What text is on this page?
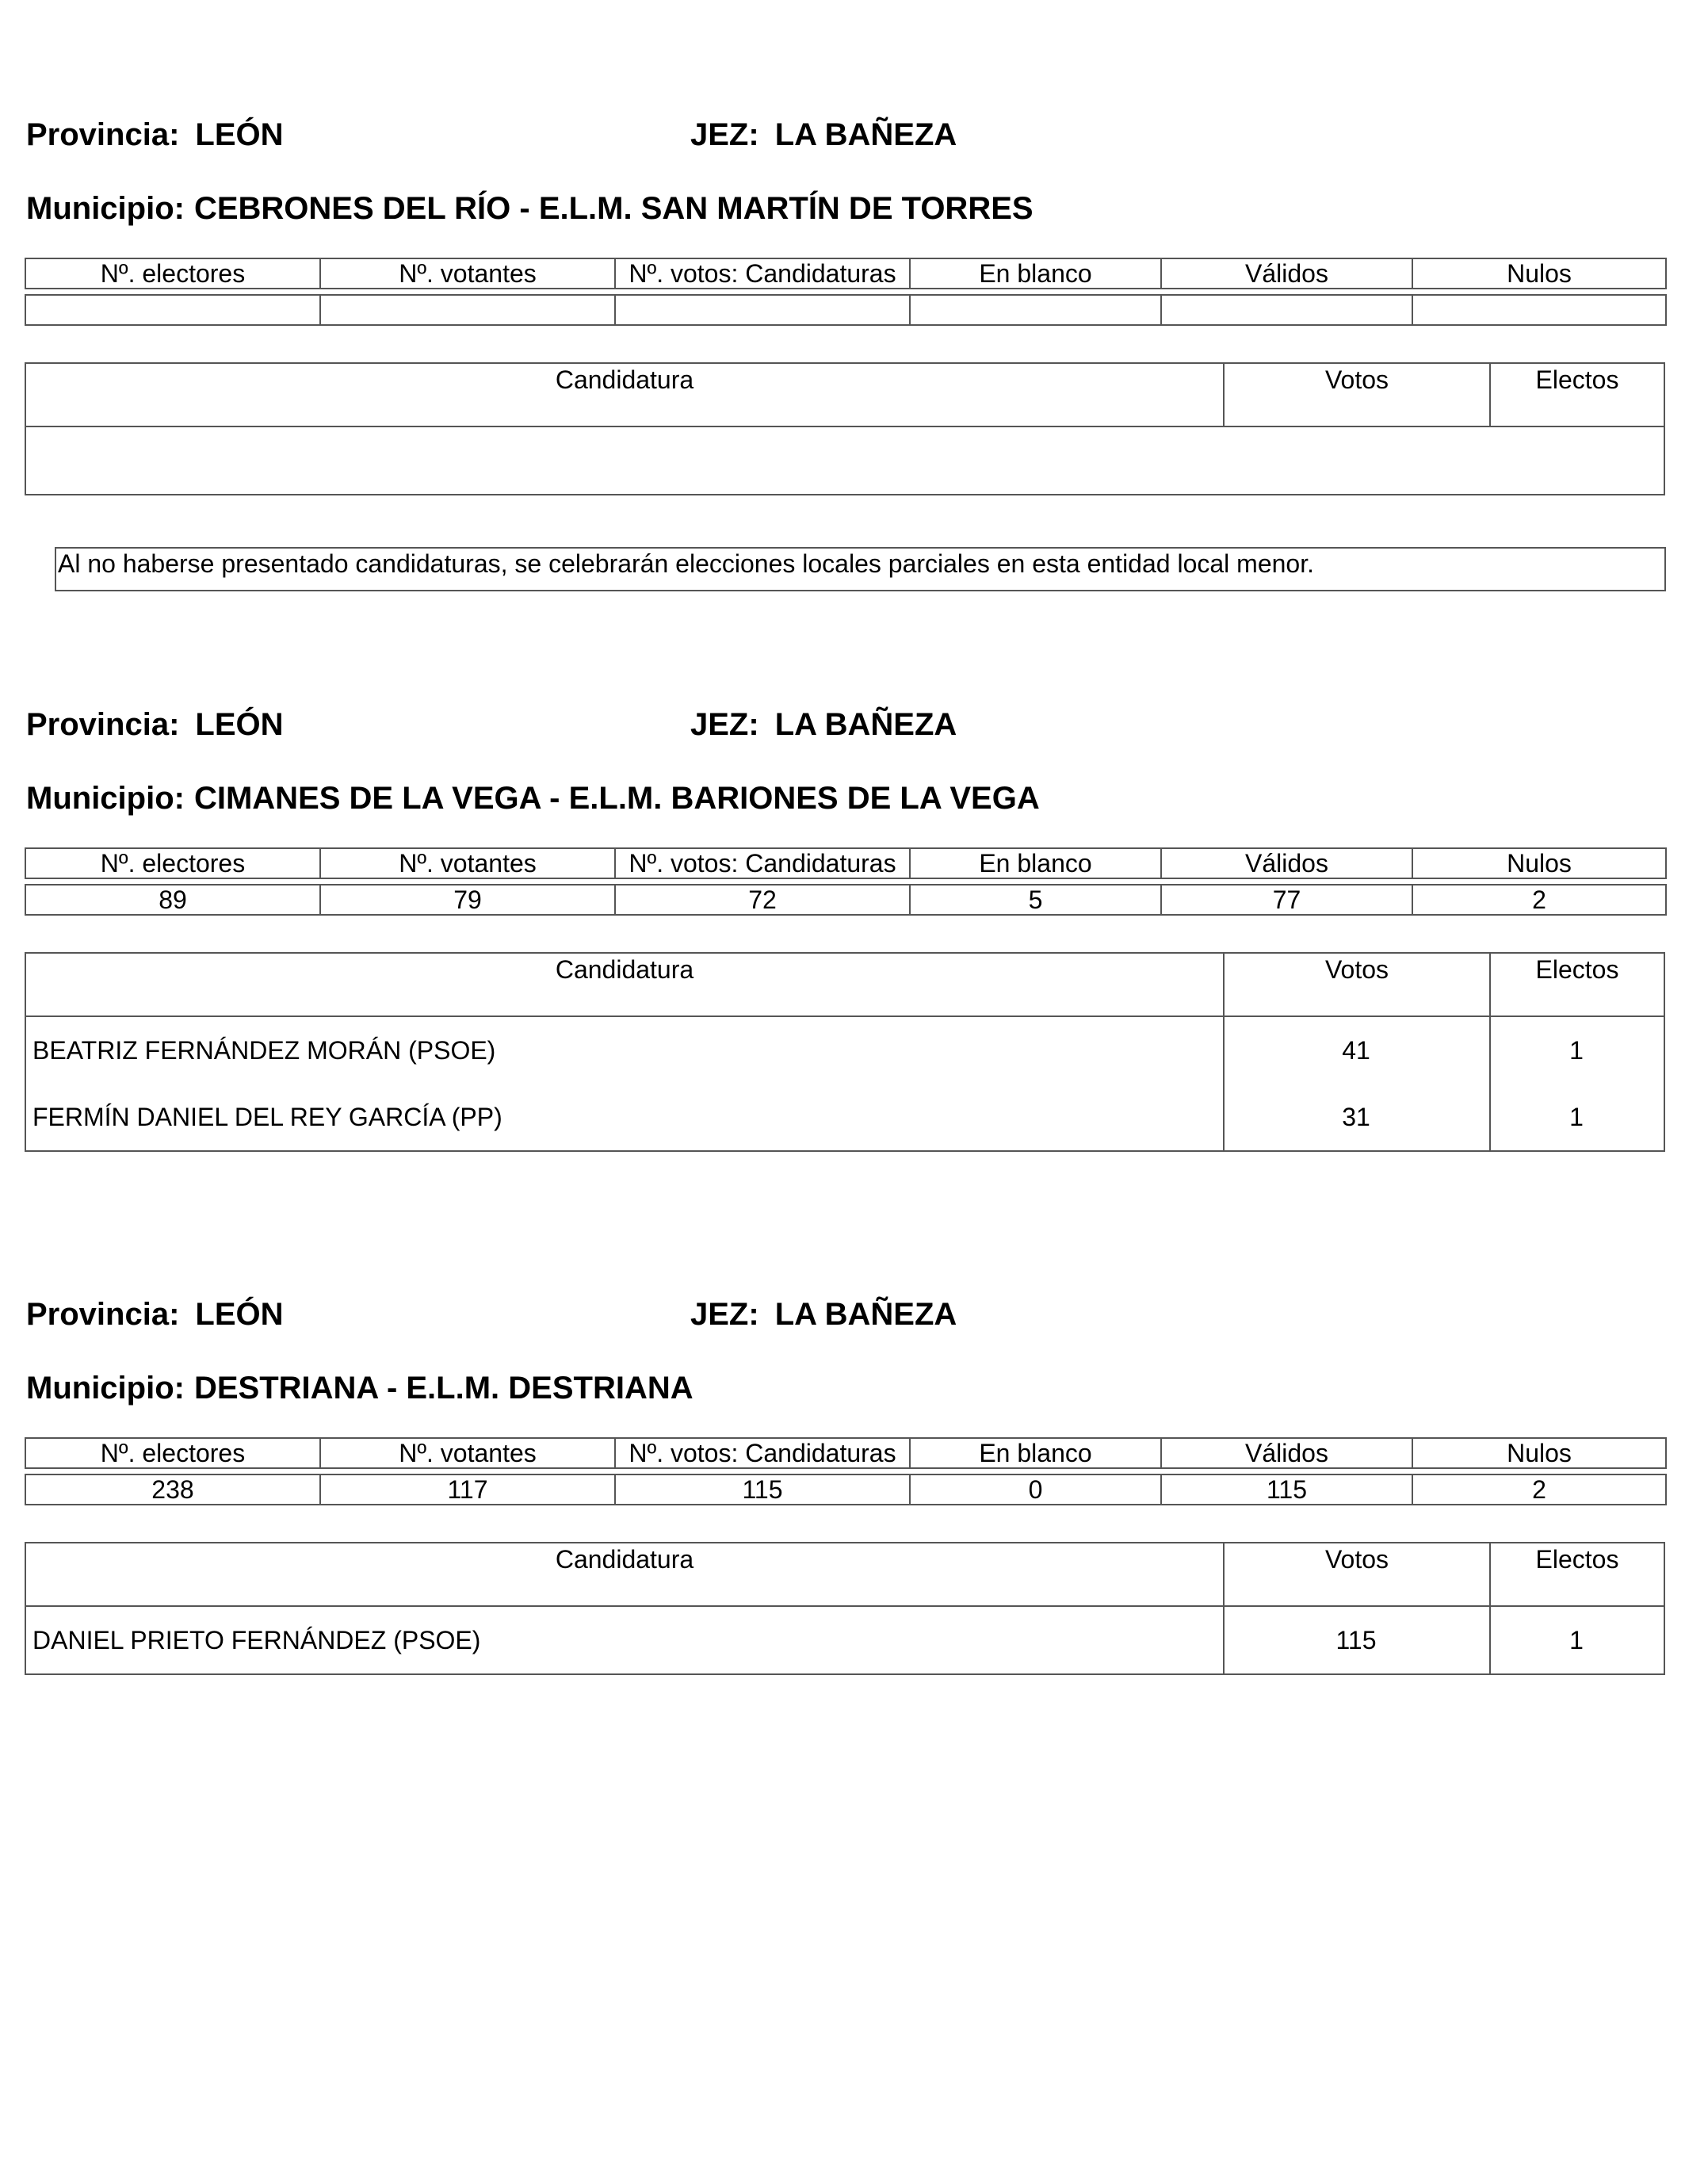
Provincia: LEÓN	JEZ: LA BAÑEZA
Municipio: CEBRONES DEL RÍO - E.L.M. SAN MARTÍN DE TORRES
Nº. electores	Nº. votantes	Nº. votos: Candidaturas	En blanco	Válidos	Nulos

Candidatura	Votos	Electos
Al no haberse presentado candidaturas, se celebrarán elecciones locales parciales en esta entidad local menor.
Provincia: LEÓN	JEZ: LA BAÑEZA
Municipio: CIMANES DE LA VEGA - E.L.M. BARIONES DE LA VEGA
Nº. electores	Nº. votantes	Nº. votos: Candidaturas	En blanco	Válidos	Nulos

89	79	72	5	77	2
Candidatura	Votos	Electos
BEATRIZ FERNÁNDEZ MORÁN (PSOE)	41	1
FERMÍN DANIEL DEL REY GARCÍA (PP)	31	1
Provincia: LEÓN	JEZ: LA BAÑEZA
Municipio: DESTRIANA - E.L.M. DESTRIANA
Nº. electores	Nº. votantes	Nº. votos: Candidaturas	En blanco	Válidos	Nulos

238	117	115	0	115	2
Candidatura	Votos	Electos
DANIEL PRIETO FERNÁNDEZ (PSOE)	115	1
